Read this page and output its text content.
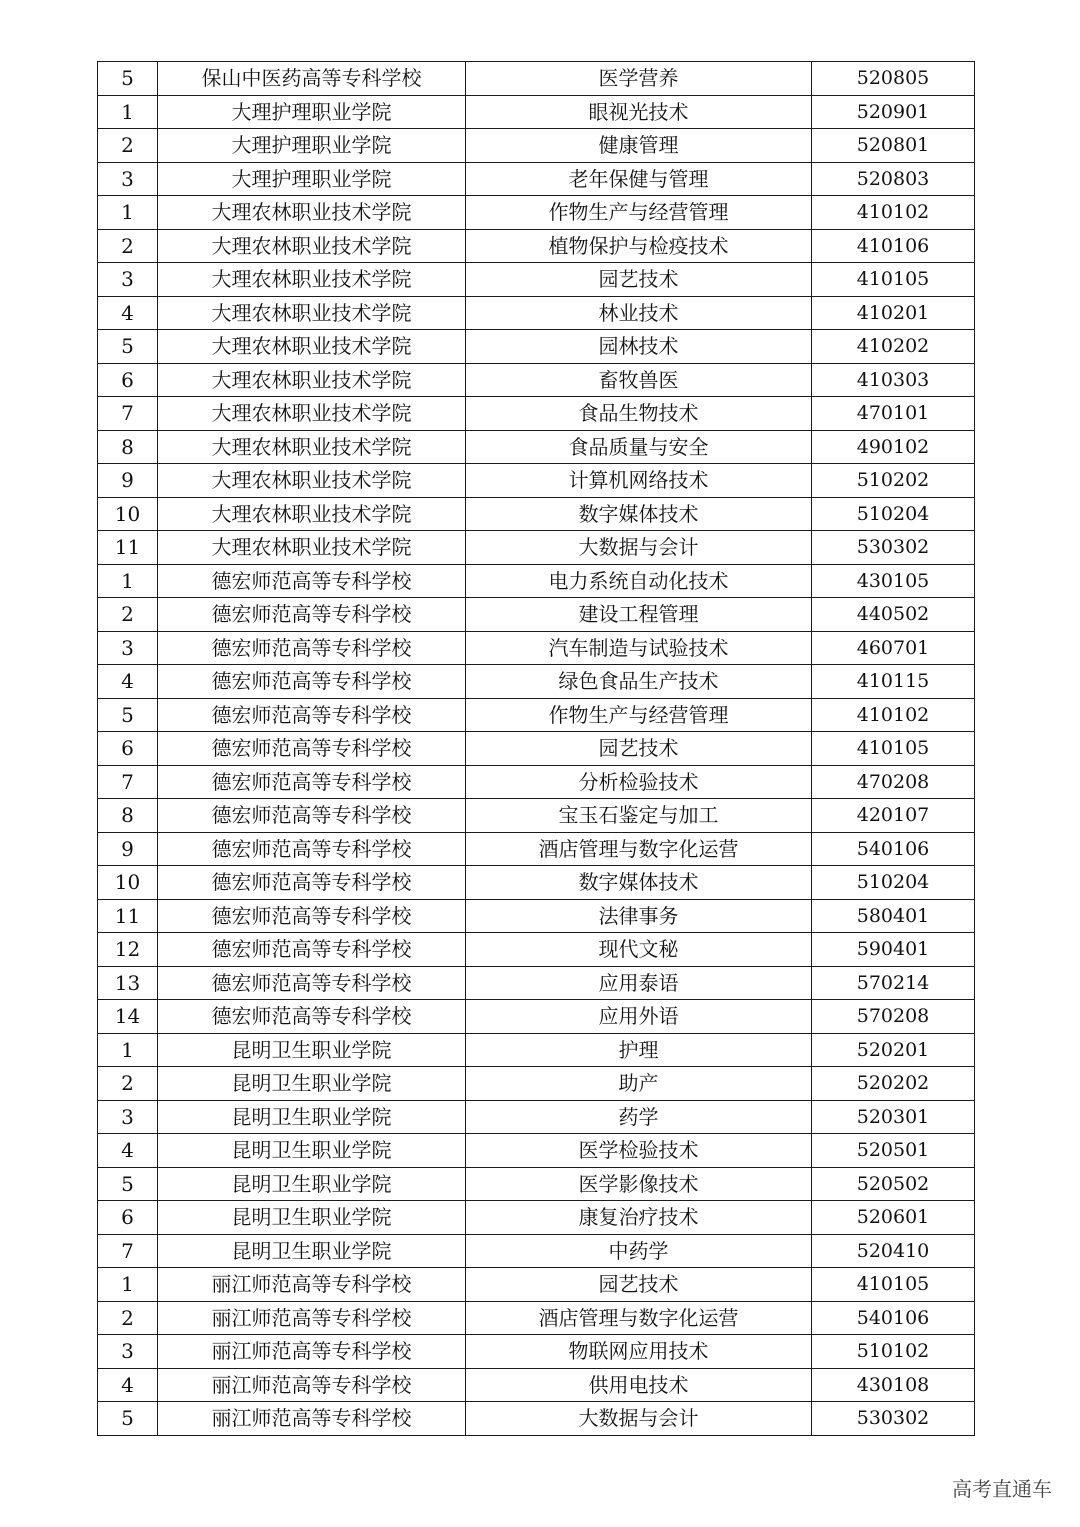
5	保山中医药高等专科学校	医学营养	520805
1	大理护理职业学院	眼视光技术	520901
2	大理护理职业学院	健康管理	520801
3	大理护理职业学院	老年保健与管理	520803
1	大理农林职业技术学院	作物生产与经营管理	410102
2	大理农林职业技术学院	植物保护与检疫技术	410106
3	大理农林职业技术学院	园艺技术	410105
4	大理农林职业技术学院	林业技术	410201
5	大理农林职业技术学院	园林技术	410202
6	大理农林职业技术学院	畜牧兽医	410303
7	大理农林职业技术学院	食品生物技术	470101
8	大理农林职业技术学院	食品质量与安全	490102
9	大理农林职业技术学院	计算机网络技术	510202
10	大理农林职业技术学院	数字媒体技术	510204
11	大理农林职业技术学院	大数据与会计	530302
1	德宏师范高等专科学校	电力系统自动化技术	430105
2	德宏师范高等专科学校	建设工程管理	440502
3	德宏师范高等专科学校	汽车制造与试验技术	460701
4	德宏师范高等专科学校	绿色食品生产技术	410115
5	德宏师范高等专科学校	作物生产与经营管理	410102
6	德宏师范高等专科学校	园艺技术	410105
7	德宏师范高等专科学校	分析检验技术	470208
8	德宏师范高等专科学校	宝玉石鉴定与加工	420107
9	德宏师范高等专科学校	酒店管理与数字化运营	540106
10	德宏师范高等专科学校	数字媒体技术	510204
11	德宏师范高等专科学校	法律事务	580401
12	德宏师范高等专科学校	现代文秘	590401
13	德宏师范高等专科学校	应用泰语	570214
14	德宏师范高等专科学校	应用外语	570208
1	昆明卫生职业学院	护理	520201
2	昆明卫生职业学院	助产	520202
3	昆明卫生职业学院	药学	520301
4	昆明卫生职业学院	医学检验技术	520501
5	昆明卫生职业学院	医学影像技术	520502
6	昆明卫生职业学院	康复治疗技术	520601
7	昆明卫生职业学院	中药学	520410
1	丽江师范高等专科学校	园艺技术	410105
2	丽江师范高等专科学校	酒店管理与数字化运营	540106
3	丽江师范高等专科学校	物联网应用技术	510102
4	丽江师范高等专科学校	供用电技术	430108
5	丽江师范高等专科学校	大数据与会计	530302
高考直通车
